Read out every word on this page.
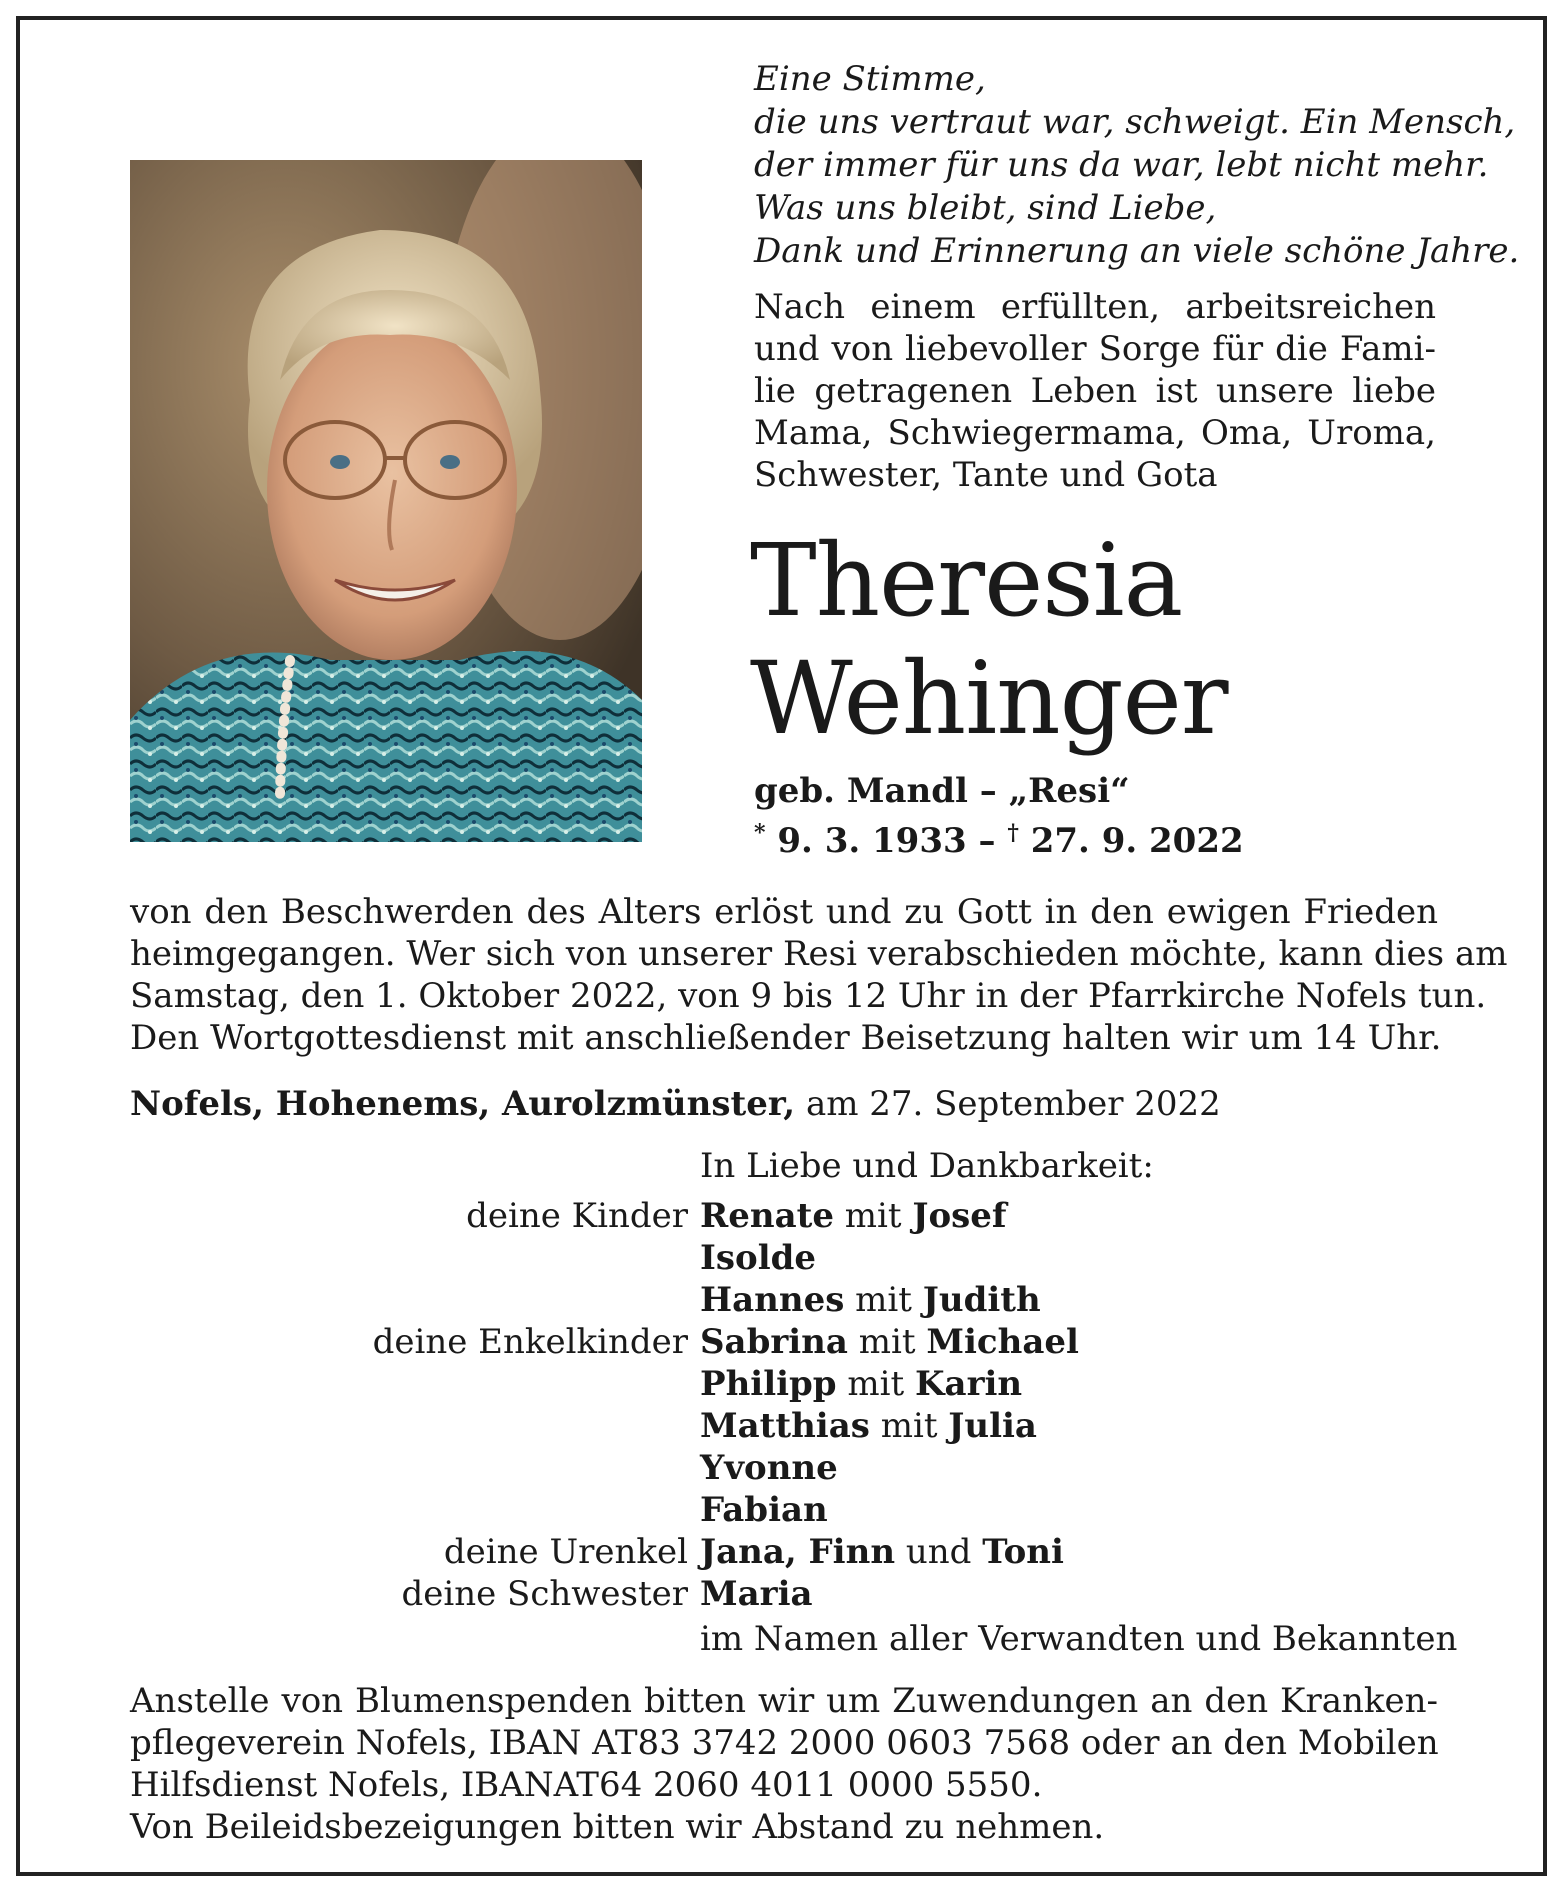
Eine Stimme,
die uns vertraut war, schweigt. Ein Mensch,
der immer für uns da war, lebt nicht mehr.
Was uns bleibt, sind Liebe,
Dank und Erinnerung an viele schöne Jahre.
Nach einem erfüllten, arbeitsreichen
und von liebevoller Sorge für die Fami-
lie getragenen Leben ist unsere liebe
Mama, Schwiegermama, Oma, Uroma,
Schwester, Tante und Gota
Theresia
Wehinger
geb. Mandl – „Resi“
* 9. 3. 1933 – † 27. 9. 2022
von den Beschwerden des Alters erlöst und zu Gott in den ewigen Frieden
heimgegangen. Wer sich von unserer Resi verabschieden möchte, kann dies am
Samstag, den 1. Oktober 2022, von 9 bis 12 Uhr in der Pfarrkirche Nofels tun.
Den Wortgottesdienst mit anschließender Beisetzung halten wir um 14 Uhr.
Nofels, Hohenems, Aurolzmünster, am 27. September 2022
In Liebe und Dankbarkeit:
deine Kinder Renate mit Josef
Isolde
Hannes mit Judith
deine Enkelkinder Sabrina mit Michael
Philipp mit Karin
Matthias mit Julia
Yvonne
Fabian
deine Urenkel Jana, Finn und Toni
deine Schwester Maria
im Namen aller Verwandten und Bekannten
Anstelle von Blumenspenden bitten wir um Zuwendungen an den Kranken-
pflegeverein Nofels, IBAN AT83 3742 2000 0603 7568 oder an den Mobilen
Hilfsdienst Nofels, IBANAT64 2060 4011 0000 5550.
Von Beileidsbezeigungen bitten wir Abstand zu nehmen.
